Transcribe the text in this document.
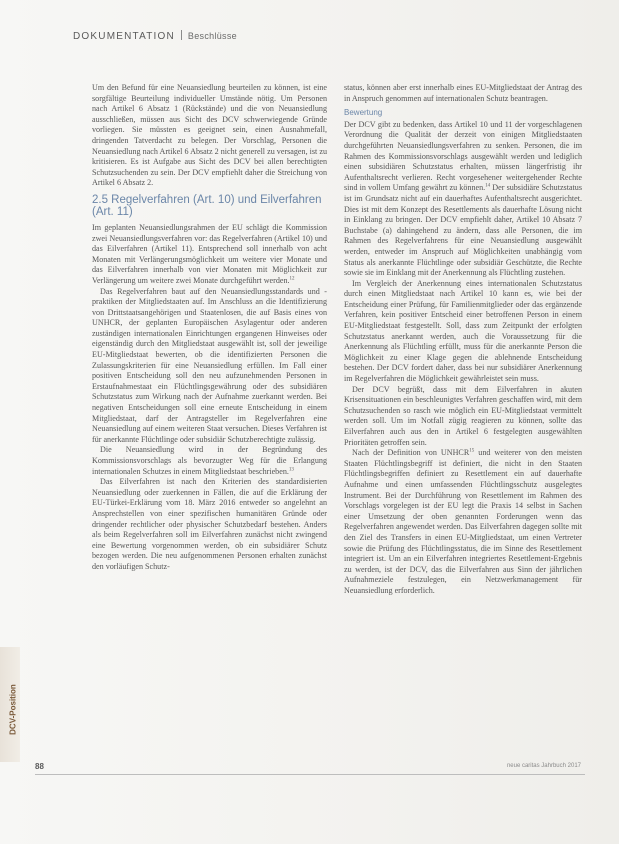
DOKUMENTATION Beschlüsse

Um den Befund für eine Neuansiedlung beurteilen zu können, ist eine sorgfältige Beurteilung individueller Umstände nötig. Um Personen nach Artikel 6 Absatz 1 (Rückstände) und die von Neuansiedlung ausschließen, müssen aus Sicht des DCV schwerwiegende Gründe vorliegen. Sie müssten es geeignet sein, einen Ausnahmefall, dringenden Tatverdacht zu belegen. Der Vorschlag, Personen die Neuansiedlung nach Artikel 6 Absatz 2 nicht generell zu versagen, ist zu kritisieren. Es ist Aufgabe aus Sicht des DCV bei allen berechtigten Schutzsuchenden zu sein. Der DCV empfiehlt daher die Streichung von Artikel 6 Absatz 2.

2.5 Regelverfahren (Art. 10) und Eilverfahren (Art. 11)

Im geplanten Neuansiedlungsrahmen der EU schlägt die Kommission zwei Neuansiedlungsverfahren vor: das Regelverfahren (Artikel 10) und das Eilverfahren (Artikel 11). Entsprechend soll innerhalb von acht Monaten mit Verlängerungsmöglichkeit um weitere vier Monate und das Eilverfahren innerhalb von vier Monaten mit Möglichkeit zur Verlängerung um weitere zwei Monate durchgeführt werden.$^{12}$

Das Regelverfahren baut auf den Neuansiedlungsstandards und -praktiken der Mitgliedstaaten auf. Im Anschluss an die Identifizierung von Drittstaatsangehörigen und Staatenlosen, die auf Basis eines von UNHCR, der geplanten Europäischen Asylagentur oder anderen zuständigen internationalen Einrichtungen ergangenen Hinweises oder eigenständig durch den Mitgliedstaat ausgewählt ist, soll der jeweilige EU-Mitgliedstaat bewerten, ob die identifizierten Personen die Zulassungskriterien für eine Neuansiedlung erfüllen. Im Fall einer positiven Entscheidung soll den neu aufzunehmenden Personen in Erstaufnahmestaat ein Flüchtlingsgewährung oder des subsidiären Schutzstatus zum Wirkung nach der Aufnahme zuerkannt werden. Bei negativen Entscheidungen soll eine erneute Entscheidung in einem Mitgliedstaat, darf der Antragsteller im Regelverfahren eine Neuansiedlung auf einem weiteren Staat versuchen. Dieses Verfahren ist für anerkannte Flüchtlinge oder subsidiär Schutzberechtigte zulässig.

Die Neuansiedlung wird in der Begründung des Kommissionsvorschlags als bevorzugter Weg für die Erlangung internationalen Schutzes in einem Mitgliedstaat beschrieben.$^{13}$

Das Eilverfahren ist nach den Kriterien des standardisierten Neuansiedlung oder zuerkennen in Fällen, die auf die Erklärung der EU-Türkei-Erklärung vom 18. März 2016 entweder so angelehnt an Ansprechstellen von einer spezifischen humanitären Gründe oder dringender rechtlicher oder physischer Schutzbedarf bestehen. Anders als beim Regelverfahren soll im Eilverfahren zunächst nicht zwingend eine Bewertung vorgenommen werden, ob ein subsidiärer Schutz bezogen werden. Die neu aufgenommenen Personen erhalten zunächst den vorläufigen Schutz-

status, können aber erst innerhalb eines EU-Mitgliedstaat der Antrag des in Anspruch genommen auf internationalen Schutz beantragen.

Bewertung

Der DCV gibt zu bedenken, dass Artikel 10 und 11 der vorgeschlagenen Verordnung die Qualität der derzeit von einigen Mitgliedstaaten durchgeführten Neuansiedlungsverfahren zu senken. Personen, die im Rahmen des Kommissionsvorschlags ausgewählt werden und lediglich einen subsidiären Schutzstatus erhalten, müssen längerfristig ihr Aufenthaltsrecht verlieren. Recht vorgesehener weitergehender Rechte sind in vollem Umfang gewährt zu können.$^{14}$ Der subsidiäre Schutzstatus ist im Grundsatz nicht auf ein dauerhaftes Aufenthaltsrecht ausgerichtet. Dies ist mit dem Konzept des Resettlements als dauerhafte Lösung nicht in Einklang zu bringen. Der DCV empfiehlt daher, Artikel 10 Absatz 7 Buchstabe (a) dahingehend zu ändern, dass alle Personen, die im Rahmen des Regelverfahrens für eine Neuansiedlung ausgewählt werden, entweder im Anspruch auf Möglichkeiten unabhängig vom Status als anerkannte Flüchtlinge oder subsidiär Geschützte, die Rechte sowie sie im Einklang mit der Anerkennung als Flüchtling zustehen.

Im Vergleich der Anerkennung eines internationalen Schutzstatus durch einen Mitgliedstaat nach Artikel 10 kann es, wie bei der Entscheidung einer Prüfung, für Familienmitglieder oder das ergänzende Verfahren, kein positiver Entscheid einer betroffenen Person in einem EU-Mitgliedstaat festgestellt. Soll, dass zum Zeitpunkt der erfolgten Schutzstatus anerkannt werden, auch die Voraussetzung für die Anerkennung als Flüchtling erfüllt, muss für die anerkannte Person die Möglichkeit zu einer Klage gegen die ablehnende Entscheidung bestehen. Der DCV fordert daher, dass bei nur subsidiärer Anerkennung im Regelverfahren die Möglichkeit gewährleistet sein muss.

Der DCV begrüßt, dass mit dem Eilverfahren in akuten Krisensituationen ein beschleunigtes Verfahren geschaffen wird, mit dem Schutzsuchenden so rasch wie möglich ein EU-Mitgliedstaat vermittelt werden soll. Um im Notfall zügig reagieren zu können, sollte das Eilverfahren auch aus den in Artikel 6 festgelegten ausgewählten Prioritäten getroffen sein.

Nach der Definition von UNHCR$^{15}$ und weiterer von den meisten Staaten Flüchtlingsbegriff ist definiert, die nicht in den Staaten Flüchtlingsbegriffen definiert zu Resettlement ein auf dauerhafte Aufnahme und einen umfassenden Flüchtlingsschutz ausgelegtes Instrument. Bei der Durchführung von Resettlement im Rahmen des Vorschlags vorgelegen ist der EU legt die Praxis 14 selbst in Sachen einer Umsetzung der oben genannten Forderungen wenn das Regelverfahren angewendet werden. Das Eilverfahren dagegen sollte mit den Ziel des Transfers in einen EU-Mitgliedstaat, um einen Vertreter sowie die Prüfung des Flüchtlingsstatus, die im Sinne des Resettlement integriert ist. Um an ein Eilverfahren integriertes Resettlement-Ergebnis zu werden, ist der DCV, das die Eilverfahren aus Sinn der jährlichen Aufnahmeziele festzulegen, ein Netzwerkmanagement für Neuansiedlung erforderlich.

DCV-Position
88	neue caritas Jahrbuch 2017
